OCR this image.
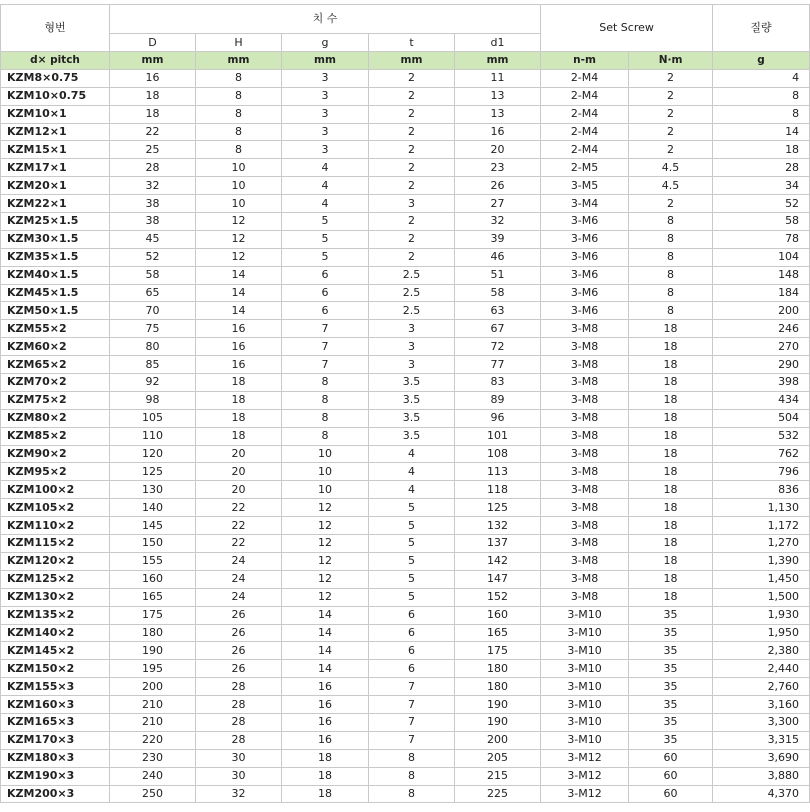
형번	치 수					Set Screw		질량
	D	H	g	t	d1			
d× pitch	mm	mm	mm	mm	mm	n-m	N·m	g
KZM8×0.75	16	8	3	2	11	2-M4	2	4
KZM10×0.75	18	8	3	2	13	2-M4	2	8
KZM10×1	18	8	3	2	13	2-M4	2	8
KZM12×1	22	8	3	2	16	2-M4	2	14
KZM15×1	25	8	3	2	20	2-M4	2	18
KZM17×1	28	10	4	2	23	2-M5	4.5	28
KZM20×1	32	10	4	2	26	3-M5	4.5	34
KZM22×1	38	10	4	3	27	3-M4	2	52
KZM25×1.5	38	12	5	2	32	3-M6	8	58
KZM30×1.5	45	12	5	2	39	3-M6	8	78
KZM35×1.5	52	12	5	2	46	3-M6	8	104
KZM40×1.5	58	14	6	2.5	51	3-M6	8	148
KZM45×1.5	65	14	6	2.5	58	3-M6	8	184
KZM50×1.5	70	14	6	2.5	63	3-M6	8	200
KZM55×2	75	16	7	3	67	3-M8	18	246
KZM60×2	80	16	7	3	72	3-M8	18	270
KZM65×2	85	16	7	3	77	3-M8	18	290
KZM70×2	92	18	8	3.5	83	3-M8	18	398
KZM75×2	98	18	8	3.5	89	3-M8	18	434
KZM80×2	105	18	8	3.5	96	3-M8	18	504
KZM85×2	110	18	8	3.5	101	3-M8	18	532
KZM90×2	120	20	10	4	108	3-M8	18	762
KZM95×2	125	20	10	4	113	3-M8	18	796
KZM100×2	130	20	10	4	118	3-M8	18	836
KZM105×2	140	22	12	5	125	3-M8	18	1,130
KZM110×2	145	22	12	5	132	3-M8	18	1,172
KZM115×2	150	22	12	5	137	3-M8	18	1,270
KZM120×2	155	24	12	5	142	3-M8	18	1,390
KZM125×2	160	24	12	5	147	3-M8	18	1,450
KZM130×2	165	24	12	5	152	3-M8	18	1,500
KZM135×2	175	26	14	6	160	3-M10	35	1,930
KZM140×2	180	26	14	6	165	3-M10	35	1,950
KZM145×2	190	26	14	6	175	3-M10	35	2,380
KZM150×2	195	26	14	6	180	3-M10	35	2,440
KZM155×3	200	28	16	7	180	3-M10	35	2,760
KZM160×3	210	28	16	7	190	3-M10	35	3,160
KZM165×3	210	28	16	7	190	3-M10	35	3,300
KZM170×3	220	28	16	7	200	3-M10	35	3,315
KZM180×3	230	30	18	8	205	3-M12	60	3,690
KZM190×3	240	30	18	8	215	3-M12	60	3,880
KZM200×3	250	32	18	8	225	3-M12	60	4,370
